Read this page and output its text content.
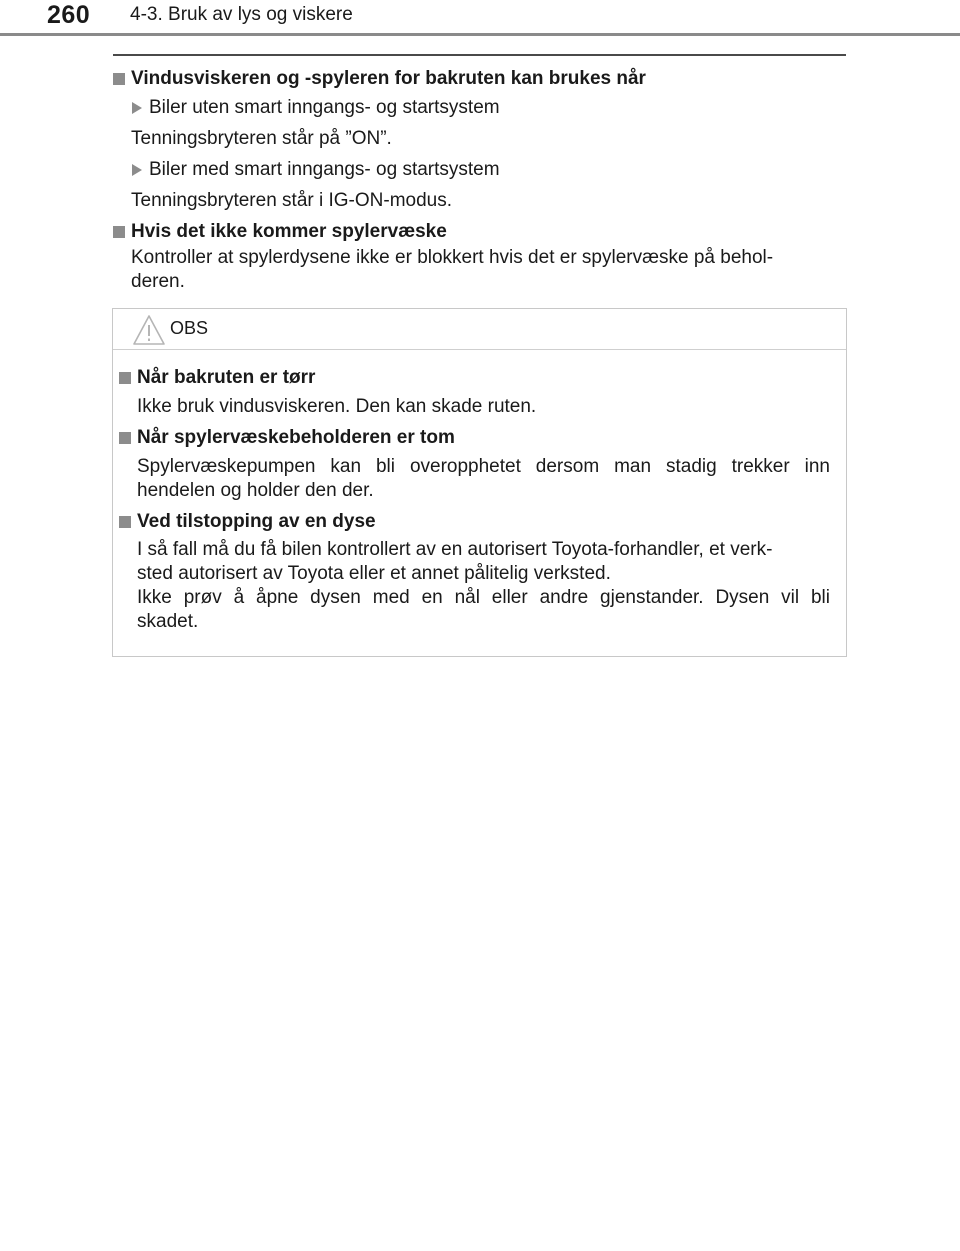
260 4-3. Bruk av lys og viskere

Vindusviskeren og -spyleren for bakruten kan brukes når

Biler uten smart inngangs- og startsystem

Tenningsbryteren står på ”ON”.

Biler med smart inngangs- og startsystem

Tenningsbryteren står i IG-ON-modus.

Hvis det ikke kommer spylervæske

Kontroller at spylerdysene ikke er blokkert hvis det er spylervæske på behol-

deren.

OBS

Når bakruten er tørr

Ikke bruk vindusviskeren. Den kan skade ruten.

Når spylervæskebeholderen er tom

Spylervæskepumpen kan bli overopphetet dersom man stadig trekker inn

hendelen og holder den der.

Ved tilstopping av en dyse

I så fall må du få bilen kontrollert av en autorisert Toyota-forhandler, et verk-

sted autorisert av Toyota eller et annet pålitelig verksted.

Ikke prøv å åpne dysen med en nål eller andre gjenstander. Dysen vil bli

skadet.
